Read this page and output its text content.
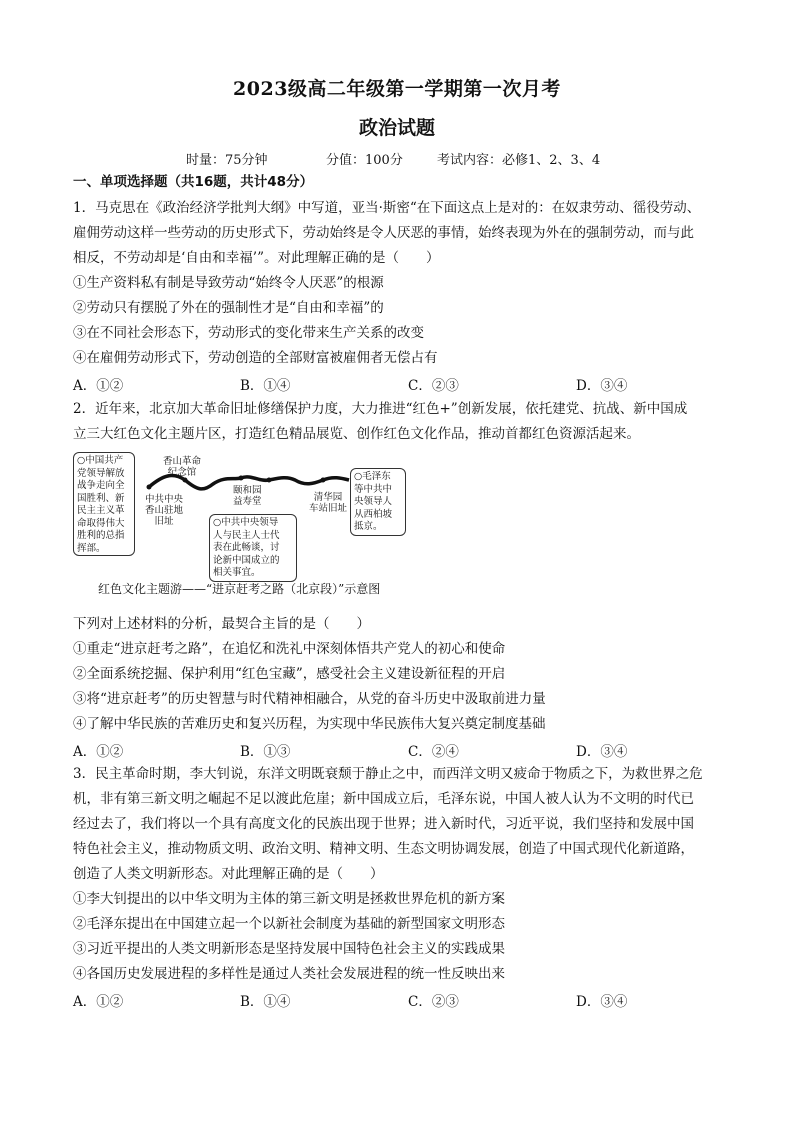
2023级高二年级第一学期第一次月考
政治试题
时量：75分钟	分值：100分	考试内容：必修1、2、3、4
一、单项选择题（共16题，共计48分）
1．马克思在《政治经济学批判大纲》中写道，亚当·斯密“在下面这点上是对的：在奴隶劳动、徭役劳动、
雇佣劳动这样一些劳动的历史形式下，劳动始终是令人厌恶的事情，始终表现为外在的强制劳动，而与此
相反，不劳动却是‘自由和幸福’”。对此理解正确的是（　　）
①生产资料私有制是导致劳动“始终令人厌恶”的根源
②劳动只有摆脱了外在的强制性才是“自由和幸福”的
③在不同社会形态下，劳动形式的变化带来生产关系的改变
④在雇佣劳动形式下，劳动创造的全部财富被雇佣者无偿占有
A．①②	B．①④	C．②③	D．③④
2．近年来，北京加大革命旧址修缮保护力度，大力推进“红色+”创新发展，依托建党、抗战、新中国成
立三大红色文化主题片区，打造红色精品展览、创作红色文化作品，推动首都红色资源活起来。
○中国共产
党领导解放
战争走向全
国胜利、新
民主主义革
命取得伟大
胜利的总指
挥部。
中共中央
香山驻地
旧址
香山革命
纪念馆
颐和园
益寿堂	清华园
车站旧址
○中共中央领导
人与民主人士代
表在此畅谈，讨
论新中国成立的
相关事宜。
○毛泽东
等中共中
央领导人
从西柏坡
抵京。
红色文化主题游——“进京赶考之路（北京段）”示意图
下列对上述材料的分析，最契合主旨的是（　　）
①重走“进京赶考之路”，在追忆和洗礼中深刻体悟共产党人的初心和使命
②全面系统挖掘、保护利用“红色宝藏”，感受社会主义建设新征程的开启
③将“进京赶考”的历史智慧与时代精神相融合，从党的奋斗历史中汲取前进力量
④了解中华民族的苦难历史和复兴历程，为实现中华民族伟大复兴奠定制度基础
A．①②	B．①③	C．②④	D．③④
3．民主革命时期，李大钊说，东洋文明既衰颓于静止之中，而西洋文明又疲命于物质之下，为救世界之危
机，非有第三新文明之崛起不足以渡此危崖；新中国成立后，毛泽东说，中国人被人认为不文明的时代已
经过去了，我们将以一个具有高度文化的民族出现于世界；进入新时代，习近平说，我们坚持和发展中国
特色社会主义，推动物质文明、政治文明、精神文明、生态文明协调发展，创造了中国式现代化新道路，
创造了人类文明新形态。对此理解正确的是（　　）
①李大钊提出的以中华文明为主体的第三新文明是拯救世界危机的新方案
②毛泽东提出在中国建立起一个以新社会制度为基础的新型国家文明形态
③习近平提出的人类文明新形态是坚持发展中国特色社会主义的实践成果
④各国历史发展进程的多样性是通过人类社会发展进程的统一性反映出来
A．①②	B．①④	C．②③	D．③④
